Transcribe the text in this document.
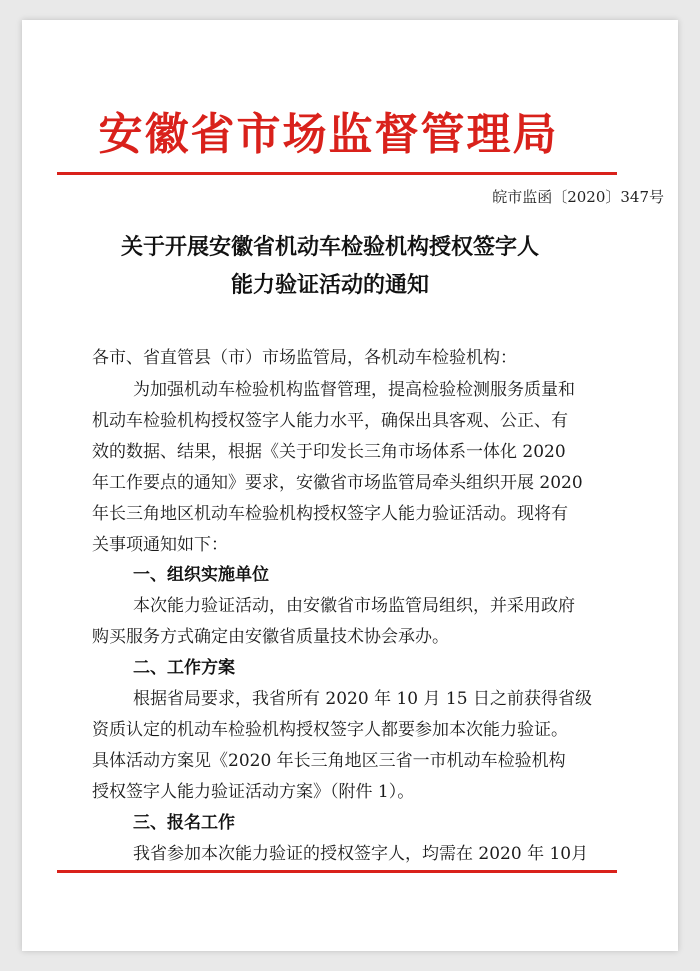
安徽省市场监督管理局
皖市监函〔2020〕347号
关于开展安徽省机动车检验机构授权签字人
能力验证活动的通知
各市、省直管县（市）市场监管局，各机动车检验机构：
为加强机动车检验机构监督管理，提高检验检测服务质量和
机动车检验机构授权签字人能力水平，确保出具客观、公正、有
效的数据、结果，根据《关于印发长三角市场体系一体化 2020
年工作要点的通知》要求，安徽省市场监管局牵头组织开展 2020
年长三角地区机动车检验机构授权签字人能力验证活动。现将有
关事项通知如下：
一、组织实施单位
本次能力验证活动，由安徽省市场监管局组织，并采用政府
购买服务方式确定由安徽省质量技术协会承办。
二、工作方案
根据省局要求，我省所有 2020 年 10 月 15 日之前获得省级
资质认定的机动车检验机构授权签字人都要参加本次能力验证。
具体活动方案见《2020 年长三角地区三省一市机动车检验机构
授权签字人能力验证活动方案》（附件 1）。
三、报名工作
我省参加本次能力验证的授权签字人，均需在 2020 年 10月
